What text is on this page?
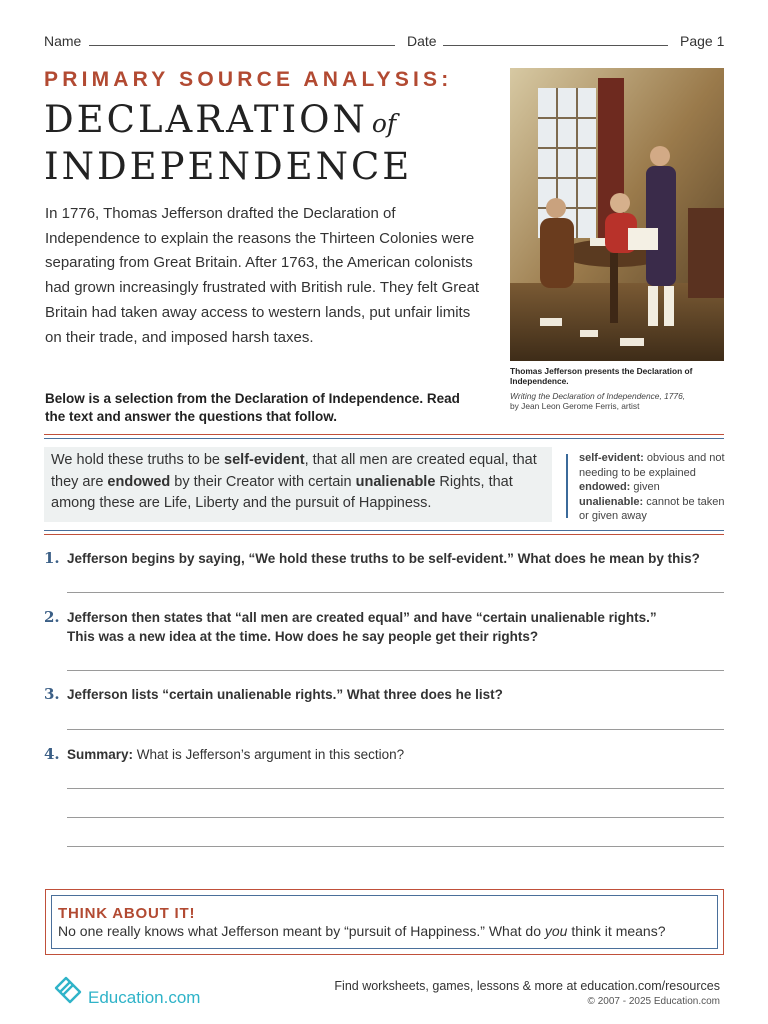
Name	Date	Page 1
PRIMARY SOURCE ANALYSIS:
DECLARATION of
INDEPENDENCE
In 1776, Thomas Jefferson drafted the Declaration of Independence to explain the reasons the Thirteen Colonies were separating from Great Britain. After 1763, the American colonists had grown increasingly frustrated with British rule. They felt Great Britain had taken away access to western lands, put unfair limits on their trade, and imposed harsh taxes.
Below is a selection from the Declaration of Independence. Read the text and answer the questions that follow.
Thomas Jefferson presents the Declaration of Independence.
Writing the Declaration of Independence, 1776,
by Jean Leon Gerome Ferris, artist
We hold these truths to be self-evident, that all men are created equal, that they are endowed by their Creator with certain unalienable Rights, that among these are Life, Liberty and the pursuit of Happiness.
self-evident: obvious and not needing to be explained
endowed: given
unalienable: cannot be taken or given away
1. Jefferson begins by saying, “We hold these truths to be self-evident.” What does he mean by this?
2. Jefferson then states that “all men are created equal” and have “certain unalienable rights.”
This was a new idea at the time. How does he say people get their rights?
3. Jefferson lists “certain unalienable rights.” What three does he list?
4. Summary: What is Jefferson’s argument in this section?
THINK ABOUT IT!
No one really knows what Jefferson meant by “pursuit of Happiness.” What do you think it means?
Education.com
Find worksheets, games, lessons & more at education.com/resources
© 2007 - 2025 Education.com
